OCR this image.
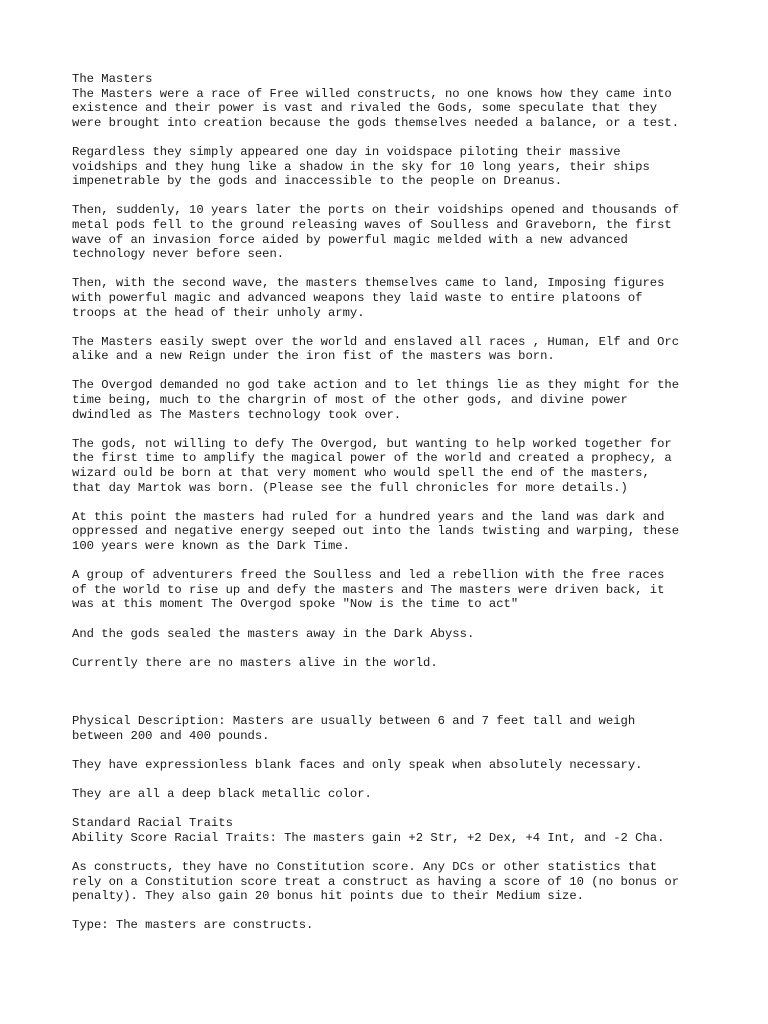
The Masters
The Masters were a race of Free willed constructs, no one knows how they came into
existence and their power is vast and rivaled the Gods, some speculate that they
were brought into creation because the gods themselves needed a balance, or a test.

Regardless they simply appeared one day in voidspace piloting their massive
voidships and they hung like a shadow in the sky for 10 long years, their ships
impenetrable by the gods and inaccessible to the people on Dreanus.

Then, suddenly, 10 years later the ports on their voidships opened and thousands of
metal pods fell to the ground releasing waves of Soulless and Graveborn, the first
wave of an invasion force aided by powerful magic melded with a new advanced
technology never before seen.

Then, with the second wave, the masters themselves came to land, Imposing figures
with powerful magic and advanced weapons they laid waste to entire platoons of
troops at the head of their unholy army.

The Masters easily swept over the world and enslaved all races , Human, Elf and Orc
alike and a new Reign under the iron fist of the masters was born.

The Overgod demanded no god take action and to let things lie as they might for the
time being, much to the chargrin of most of the other gods, and divine power
dwindled as The Masters technology took over.

The gods, not willing to defy The Overgod, but wanting to help worked together for
the first time to amplify the magical power of the world and created a prophecy, a
wizard ould be born at that very moment who would spell the end of the masters,
that day Martok was born. (Please see the full chronicles for more details.)

At this point the masters had ruled for a hundred years and the land was dark and
oppressed and negative energy seeped out into the lands twisting and warping, these
100 years were known as the Dark Time.

A group of adventurers freed the Soulless and led a rebellion with the free races
of the world to rise up and defy the masters and The masters were driven back, it
was at this moment The Overgod spoke "Now is the time to act"

And the gods sealed the masters away in the Dark Abyss.

Currently there are no masters alive in the world.

Physical Description: Masters are usually between 6 and 7 feet tall and weigh
between 200 and 400 pounds.

They have expressionless blank faces and only speak when absolutely necessary.

They are all a deep black metallic color.

Standard Racial Traits
Ability Score Racial Traits: The masters gain +2 Str, +2 Dex, +4 Int, and -2 Cha.

As constructs, they have no Constitution score. Any DCs or other statistics that
rely on a Constitution score treat a construct as having a score of 10 (no bonus or
penalty). They also gain 20 bonus hit points due to their Medium size.

Type: The masters are constructs.
